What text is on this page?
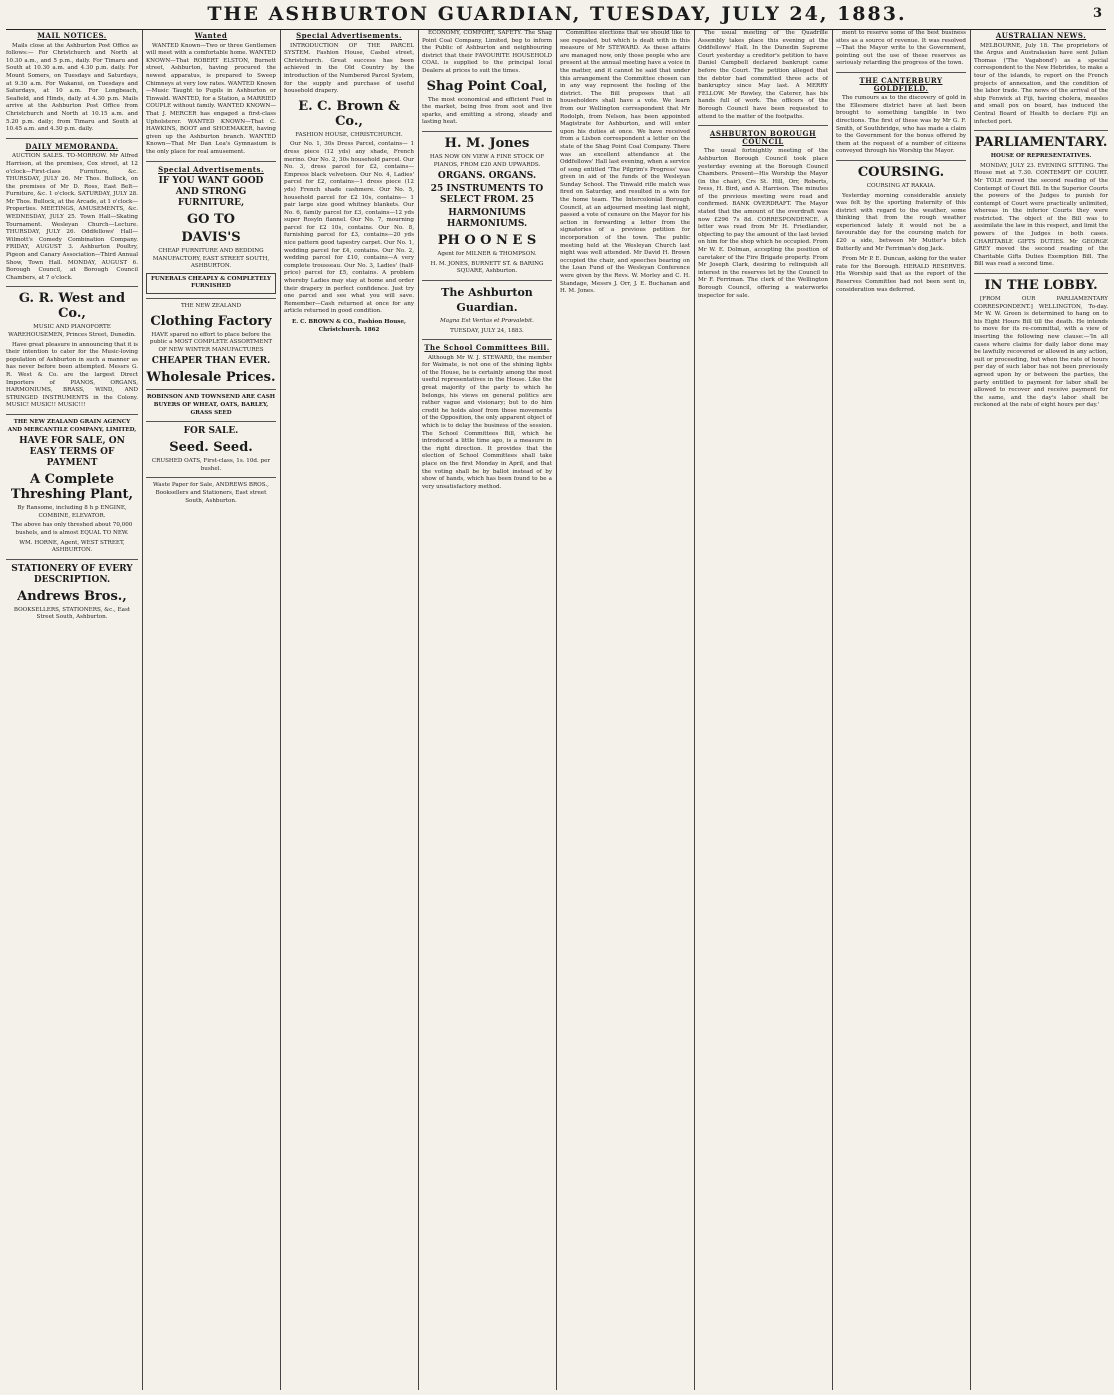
THE ASHBURTON GUARDIAN, TUESDAY, JULY 24, 1883.	3
MAIL NOTICES.

Mails close at the Ashburton Post Office as follows:— For Christchurch and North at 10.30 a.m., and 5 p.m., daily. For Timaru and South at 10.30 a.m. and 4.30 p.m. daily. For Mount Somers, on Tuesdays and Saturdays, at 9.30 a.m. For Wakanui, on Tuesdays and Saturdays, at 10 a.m. For Longbeach, Seafield, and Hinds, daily at 4.30 p.m. Mails arrive at the Ashburton Post Office from Christchurch and North at 10.15 a.m. and 5.20 p.m. daily; from Timaru and South at 10.45 a.m. and 4.30 p.m. daily.

DAILY MEMORANDA.

AUCTION SALES. TO-MORROW. Mr Alfred Harrison, at the premises, Cox street, at 12 o'clock—First-class Furniture, &c. THURSDAY, JULY 26. Mr Thos. Bullock, on the premises of Mr D. Ross, East Belt—Furniture, &c. 1 o'clock. SATURDAY, JULY 28. Mr Thos. Bullock, at the Arcade, at 1 o'clock—Properties. MEETINGS, AMUSEMENTS, &c. WEDNESDAY, JULY 25. Town Hall—Skating Tournament. Wesleyan Church—Lecture. THURSDAY, JULY 26. Oddfellows' Hall—Wilmott's Comedy Combination Company. FRIDAY, AUGUST 3. Ashburton Poultry, Pigeon and Canary Association—Third Annual Show, Town Hall. MONDAY, AUGUST 6. Borough Council, at Borough Council Chambers, at 7 o'clock.

G. R. West and Co.,
MUSIC AND PIANOFORTE WAREHOUSEMEN, Princes Street, Dunedin.

Have great pleasure in announcing that it is their intention to cater for the Music-loving population of Ashburton in such a manner as has never before been attempted. Messrs G. R. West & Co. are the largest Direct Importers of PIANOS, ORGANS, HARMONIUMS, BRASS, WIND, AND STRINGED INSTRUMENTS in the Colony. MUSIC! MUSIC!! MUSIC!!!

THE NEW ZEALAND GRAIN AGENCY AND MERCANTILE COMPANY, LIMITED,
HAVE FOR SALE, ON EASY TERMS OF PAYMENT
A Complete Threshing Plant,
By Ransome, including 8 h p ENGINE, COMBINE, ELEVATOR.
The above has only threshed about 70,000 bushels, and is almost EQUAL TO NEW.
WM. HORNE, Agent, WEST STREET, ASHBURTON.
STATIONERY OF EVERY DESCRIPTION.
Andrews Bros.,
BOOKSELLERS, STATIONERS, &c., East Street South, Ashburton.
Wanted

WANTED Known—Two or three Gentlemen will meet with a comfortable home. WANTED KNOWN—That ROBERT ELSTON, Burnett street, Ashburton, having procured the newest apparatus, is prepared to Sweep Chimneys at very low rates. WANTED Known—Music Taught to Pupils in Ashburton or Tinwald. WANTED, for a Station, a MARRIED COUPLE without family. WANTED KNOWN—That J. MERCER has engaged a first-class Upholsterer. WANTED KNOWN—That C. HAWKINS, BOOT and SHOEMAKER, having given up the Ashburton branch. WANTED Known—That Mr Dan Lea's Gymnasium is the only place for real amusement.

Special Advertisements.
IF YOU WANT GOOD AND STRONG FURNITURE,
GO TO
DAVIS'S
CHEAP FURNITURE AND BEDDING MANUFACTORY, EAST STREET SOUTH, ASHBURTON.
FUNERALS CHEAPLY & COMPLETELY FURNISHED
THE NEW ZEALAND
Clothing Factory
HAVE spared no effort to place before the public a MOST COMPLETE ASSORTMENT OF NEW WINTER MANUFACTURES
CHEAPER THAN EVER.
Wholesale Prices.
ROBINSON AND TOWNSEND ARE CASH BUYERS OF WHEAT, OATS, BARLEY, GRASS SEED
FOR SALE.
Seed. Seed.
CRUSHED OATS, First-class, 1s. 10d. per bushel.
Waste Paper for Sale, ANDREWS BROS., Booksellers and Stationers, East street South, Ashburton.
Special Advertisements.

INTRODUCTION OF THE PARCEL SYSTEM. Fashion House, Cashel street, Christchurch. Great success has been achieved in the Old Country by the introduction of the Numbered Parcel System, for the supply and purchase of useful household drapery.

E. C. Brown & Co.,
FASHION HOUSE, CHRISTCHURCH.

Our No. 1, 30s Dress Parcel, contains— 1 dress piece (12 yds) any shade, French merino. Our No. 2, 30s household parcel. Our No. 3, dress parcel for £2, contains— Empress black velveteen. Our No. 4, Ladies' parcel for £2, contains—1 dress piece (12 yds) French shade cashmere. Our No. 5, household parcel for £2 10s, contains— 1 pair large size good whitney blankets. Our No. 6, family parcel for £3, contains—12 yds super Rosyln flannel. Our No. 7, mourning parcel for £2 10s, contains. Our No. 8, furnishing parcel for £3, contains—20 yds nice pattern good tapestry carpet. Our No. 1, wedding parcel for £4, contains. Our No. 2, wedding parcel for £10, contains—A very complete trousseau. Our No. 3, Ladies' (half-price) parcel for £5, contains. A problem whereby Ladies may stay at home and order their drapery in perfect confidence. Just try one parcel and see what you will save. Remember—Cash returned at once for any article returned in good condition.

E. C. BROWN & CO., Fashion House, Christchurch. 1862

ECONOMY, COMFORT, SAFETY. The Shag Point Coal Company, Limited, beg to inform the Public of Ashburton and neighbouring district that their FAVOURITE HOUSEHOLD COAL is supplied to the principal local Dealers at prices to suit the times.

Shag Point Coal,

The most economical and efficient Fuel in the market, being free from soot and live sparks, and emitting a strong, steady and lasting heat.

H. M. Jones
HAS NOW ON VIEW A FINE STOCK OF PIANOS, FROM £20 AND UPWARDS.
ORGANS. ORGANS.
25 INSTRUMENTS TO SELECT FROM. 25
HARMONIUMS HARMONIUMS.
PH O O N E S
Agent for MILNER & THOMPSON.
H. M. JONES, BURNETT ST. & BARING SQUARE, Ashburton.
The Ashburton Guardian.
Magna Est Veritas et Prævalebit.
TUESDAY, JULY 24, 1883.
The School Committees Bill.

Although Mr W. J. STEWARD, the member for Waimate, is not one of the shining lights of the House, he is certainly among the most useful representatives in the House. Like the great majority of the party to which he belongs, his views on general politics are rather vague and visionary; but to do him credit he holds aloof from those movements of the Opposition, the only apparent object of which is to delay the business of the session. The School Committees Bill, which he introduced a little time ago, is a measure in the right direction. It provides that the election of School Committees shall take place on the first Monday in April, and that the voting shall be by ballot instead of by show of hands, which has been found to be a very unsatisfactory method.

Committee elections that we should like to see repealed, but which is dealt with in this measure of Mr STEWARD. As these affairs are managed now, only those people who are present at the annual meeting have a voice in the matter, and it cannot be said that under this arrangement the Committee chosen can in any way represent the feeling of the district. The Bill proposes that all householders shall have a vote. We learn from our Wellington correspondent that Mr Rodolph, from Nelson, has been appointed Magistrate for Ashburton, and will enter upon his duties at once. We have received from a Lisbon correspondent a letter on the state of the Shag Point Coal Company. There was an excellent attendance at the Oddfellows' Hall last evening, when a service of song entitled 'The Pilgrim's Progress' was given in aid of the funds of the Wesleyan Sunday School. The Tinwald rifle match was fired on Saturday, and resulted in a win for the home team. The Intercolonial Borough Council, at an adjourned meeting last night, passed a vote of censure on the Mayor for his action in forwarding a letter from the signatories of a previous petition for incorporation of the town. The public meeting held at the Wesleyan Church last night was well attended. Mr David H. Brown occupied the chair, and speeches bearing on the Loan Fund of the Wesleyan Conference were given by the Revs. W. Morley and C. H. Standage, Messrs J. Orr, J. E. Buchanan and H. M. Jones.

The usual meeting of the Quadrille Assembly takes place this evening at the Oddfellows' Hall. In the Dunedin Supreme Court yesterday a creditor's petition to have Daniel Campbell declared bankrupt came before the Court. The petition alleged that the debtor had committed three acts of bankruptcy since May last. A MERRY FELLOW. Mr Rowley, the Caterer, has his hands full of work. The officers of the Borough Council have been requested to attend to the matter of the footpaths.

ASHBURTON BOROUGH COUNCIL

The usual fortnightly meeting of the Ashburton Borough Council took place yesterday evening at the Borough Council Chambers. Present—His Worship the Mayor (in the chair), Crs St. Hill, Orr, Roberts, Ivess, H. Bird, and A. Harrison. The minutes of the previous meeting were read and confirmed. BANK OVERDRAFT. The Mayor stated that the amount of the overdraft was now £296 7s 8d. CORRESPONDENCE. A letter was read from Mr H. Friedlander, objecting to pay the amount of the last levied on him for the shop which he occupied. From Mr W. E. Dolman, accepting the position of caretaker of the Fire Brigade property. From Mr Joseph Clark, desiring to relinquish all interest in the reserves let by the Council to Mr F. Ferriman. The clerk of the Wellington Borough Council, offering a waterworks inspector for sale.

ment to reserve some of the best business sites as a source of revenue. It was resolved—That the Mayor write to the Government, pointing out the use of these reserves as seriously retarding the progress of the town.

THE CANTERBURY GOLDFIELD.

The rumours as to the discovery of gold in the Ellesmere district have at last been brought to something tangible in two directions. The first of these was by Mr G. F. Smith, of Southbridge, who has made a claim to the Government for the bonus offered by them at the request of a number of citizens conveyed through his Worship the Mayor.

COURSING.
COURSING AT RAKAIA.

Yesterday morning considerable anxiety was felt by the sporting fraternity of this district with regard to the weather, some thinking that from the rough weather experienced lately it would not be a favourable day for the coursing match for £20 a side, between Mr Mutter's bitch Butterfly and Mr Ferriman's dog Jack.

From Mr P. E. Duncan, asking for the water rate for the Borough. HERALD RESERVES. His Worship said that as the report of the Reserves Committee had not been sent in, consideration was deferred.

AUSTRALIAN NEWS.

MELBOURNE, July 18. The proprietors of the Argus and Australasian have sent Julian Thomas ('The Vagabond') as a special correspondent to the New Hebrides, to make a tour of the islands, to report on the French projects of annexation, and the condition of the labor trade. The news of the arrival of the ship Fenwick at Fiji, having cholera, measles and small pox on board, has induced the Central Board of Health to declare Fiji an infected port.

PARLIAMENTARY.
HOUSE OF REPRESENTATIVES.

MONDAY, JULY 23. EVENING SITTING. The House met at 7.30. CONTEMPT OF COURT. Mr TOLE moved the second reading of the Contempt of Court Bill. In the Superior Courts the powers of the Judges to punish for contempt of Court were practically unlimited, whereas in the inferior Courts they were restricted. The object of the Bill was to assimilate the law in this respect, and limit the powers of the Judges in both cases. CHARITABLE GIFTS DUTIES. Mr GEORGE GREY moved the second reading of the Charitable Gifts Duties Exemption Bill. The Bill was read a second time.

IN THE LOBBY.

[FROM OUR PARLIAMENTARY CORRESPONDENT.] WELLINGTON, To-day. Mr W. W. Green is determined to hang on to his Eight Hours Bill till the death. He intends to move for its re-committal, with a view of inserting the following new clause:—'In all cases where claims for daily labor done may be lawfully recovered or allowed in any action, suit or proceeding, but when the rate of hours per day of such labor has not been previously agreed upon by or between the parties, the party entitled to payment for labor shall be allowed to recover and receive payment for the same, and the day's labor shall be reckoned at the rate of eight hours per day.'
